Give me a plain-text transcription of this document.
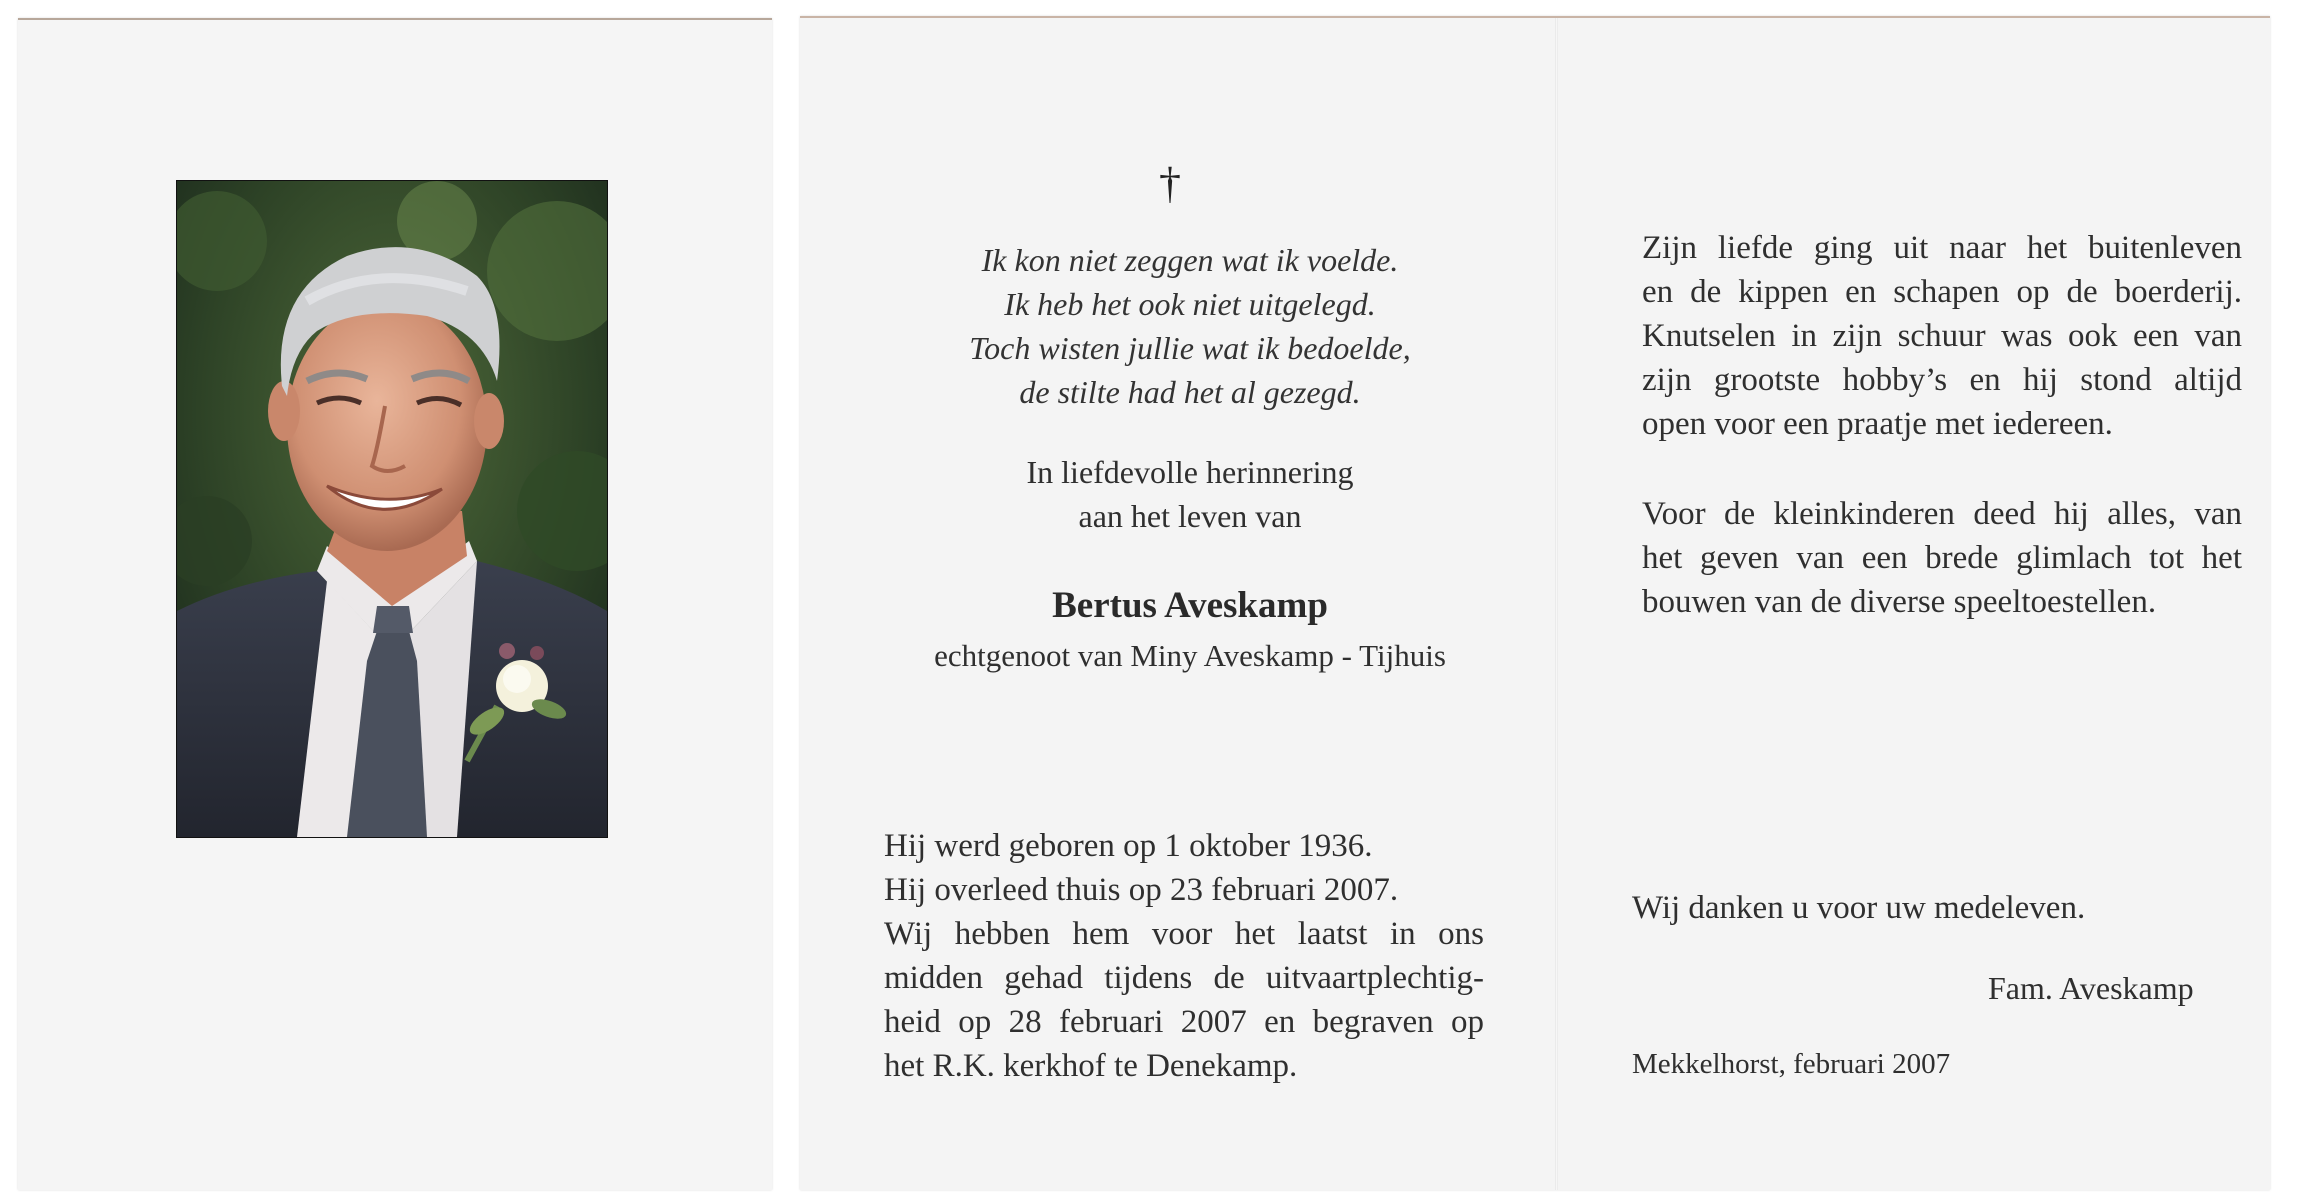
†
Ik kon niet zeggen wat ik voelde.
Ik heb het ook niet uitgelegd.
Toch wisten jullie wat ik bedoelde,
de stilte had het al gezegd.
In liefdevolle herinnering
aan het leven van
Bertus Aveskamp
echtgenoot van Miny Aveskamp - Tijhuis
Hij werd geboren op 1 oktober 1936.
Hij overleed thuis op 23 februari 2007.
Wij hebben hem voor het laatst in ons
midden gehad tijdens de uitvaartplechtig-
heid op 28 februari 2007 en begraven op
het R.K. kerkhof te Denekamp.
Zijn liefde ging uit naar het buitenleven
en de kippen en schapen op de boerderij.
Knutselen in zijn schuur was ook een van
zijn grootste hobby’s en hij stond altijd
open voor een praatje met iedereen.
Voor de kleinkinderen deed hij alles, van
het geven van een brede glimlach tot het
bouwen van de diverse speeltoestellen.
Wij danken u voor uw medeleven.
Fam. Aveskamp
Mekkelhorst, februari 2007
